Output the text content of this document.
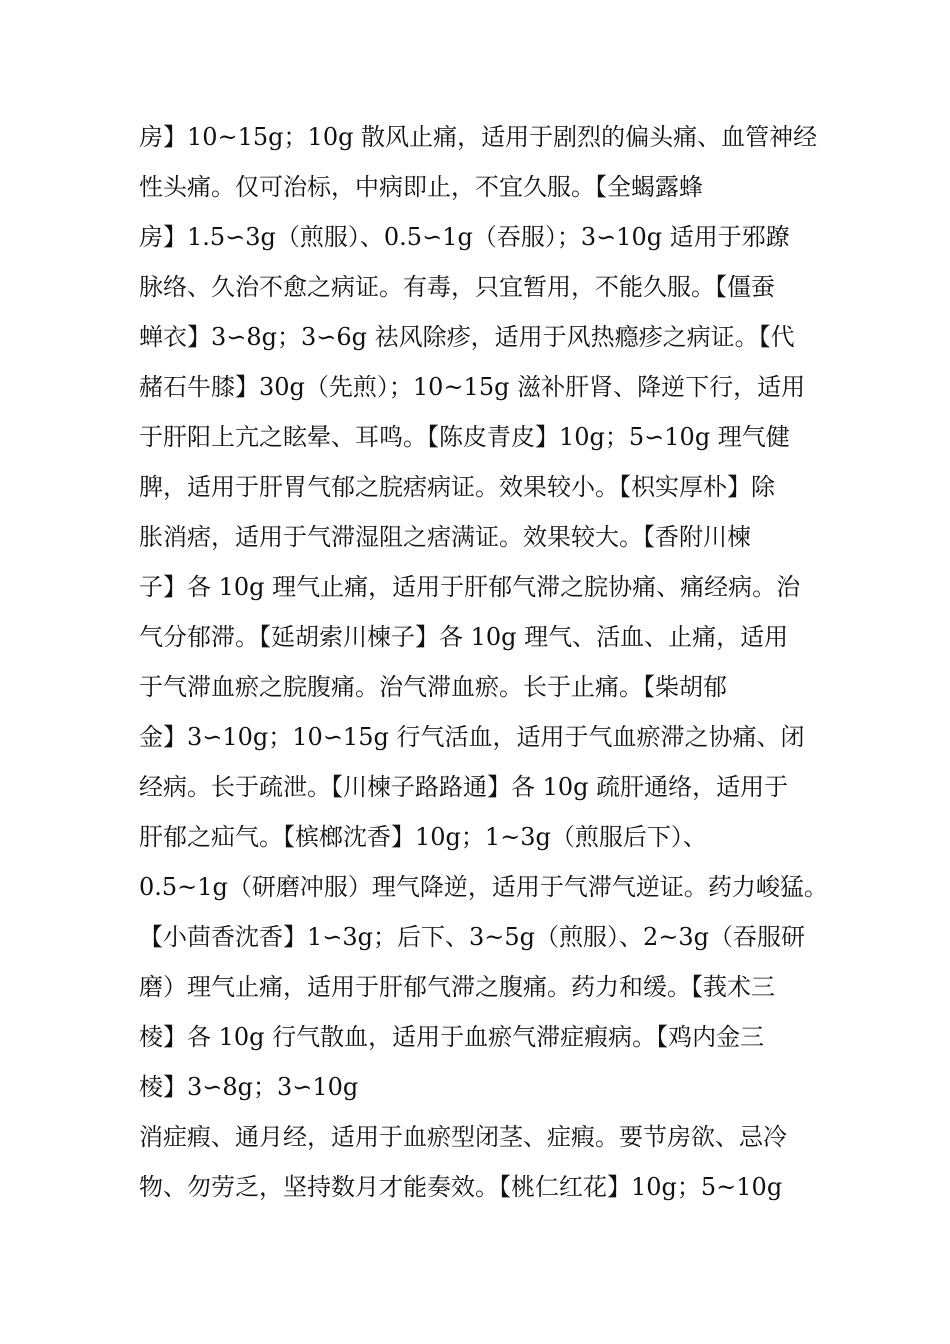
房】10~15g；10g 散风止痛，适用于剧烈的偏头痛、血管神经
性头痛。仅可治标，中病即止，不宜久服。【全蝎露蜂
房】1.5∽3g（煎服）、0.5∽1g（吞服）；3∽10g 适用于邪蹽
脉络、久治不愈之病证。有毒，只宜暂用，不能久服。【僵蚕
蝉衣】3∽8g；3∽6g 祛风除疹，适用于风热瘾疹之病证。【代
赭石牛膝】30g（先煎）；10~15g 滋补肝肾、降逆下行，适用
于肝阳上亢之眩晕、耳鸣。【陈皮青皮】10g；5∽10g 理气健
脾，适用于肝胃气郁之脘痞病证。效果较小。【枳实厚朴】除
胀消痞，适用于气滞湿阻之痞满证。效果较大。【香附川楝
子】各 10g 理气止痛，适用于肝郁气滞之脘协痛、痛经病。治
气分郁滞。【延胡索川楝子】各 10g 理气、活血、止痛，适用
于气滞血瘀之脘腹痛。治气滞血瘀。长于止痛。【柴胡郁
金】3∽10g；10∽15g 行气活血，适用于气血瘀滞之协痛、闭
经病。长于疏泄。【川楝子路路通】各 10g 疏肝通络，适用于
肝郁之疝气。【槟榔沈香】10g；1~3g（煎服后下）、
0.5~1g（研磨冲服）理气降逆，适用于气滞气逆证。药力峻猛。
【小茴香沈香】1∽3g；后下、3~5g（煎服）、2~3g（吞服研
磨）理气止痛，适用于肝郁气滞之腹痛。药力和缓。【莪术三
棱】各 10g 行气散血，适用于血瘀气滞症瘕病。【鸡内金三
棱】3∽8g；3∽10g
消症瘕、通月经，适用于血瘀型闭茎、症瘕。要节房欲、忌冷
物、勿劳乏，坚持数月才能奏效。【桃仁红花】10g；5~10g
